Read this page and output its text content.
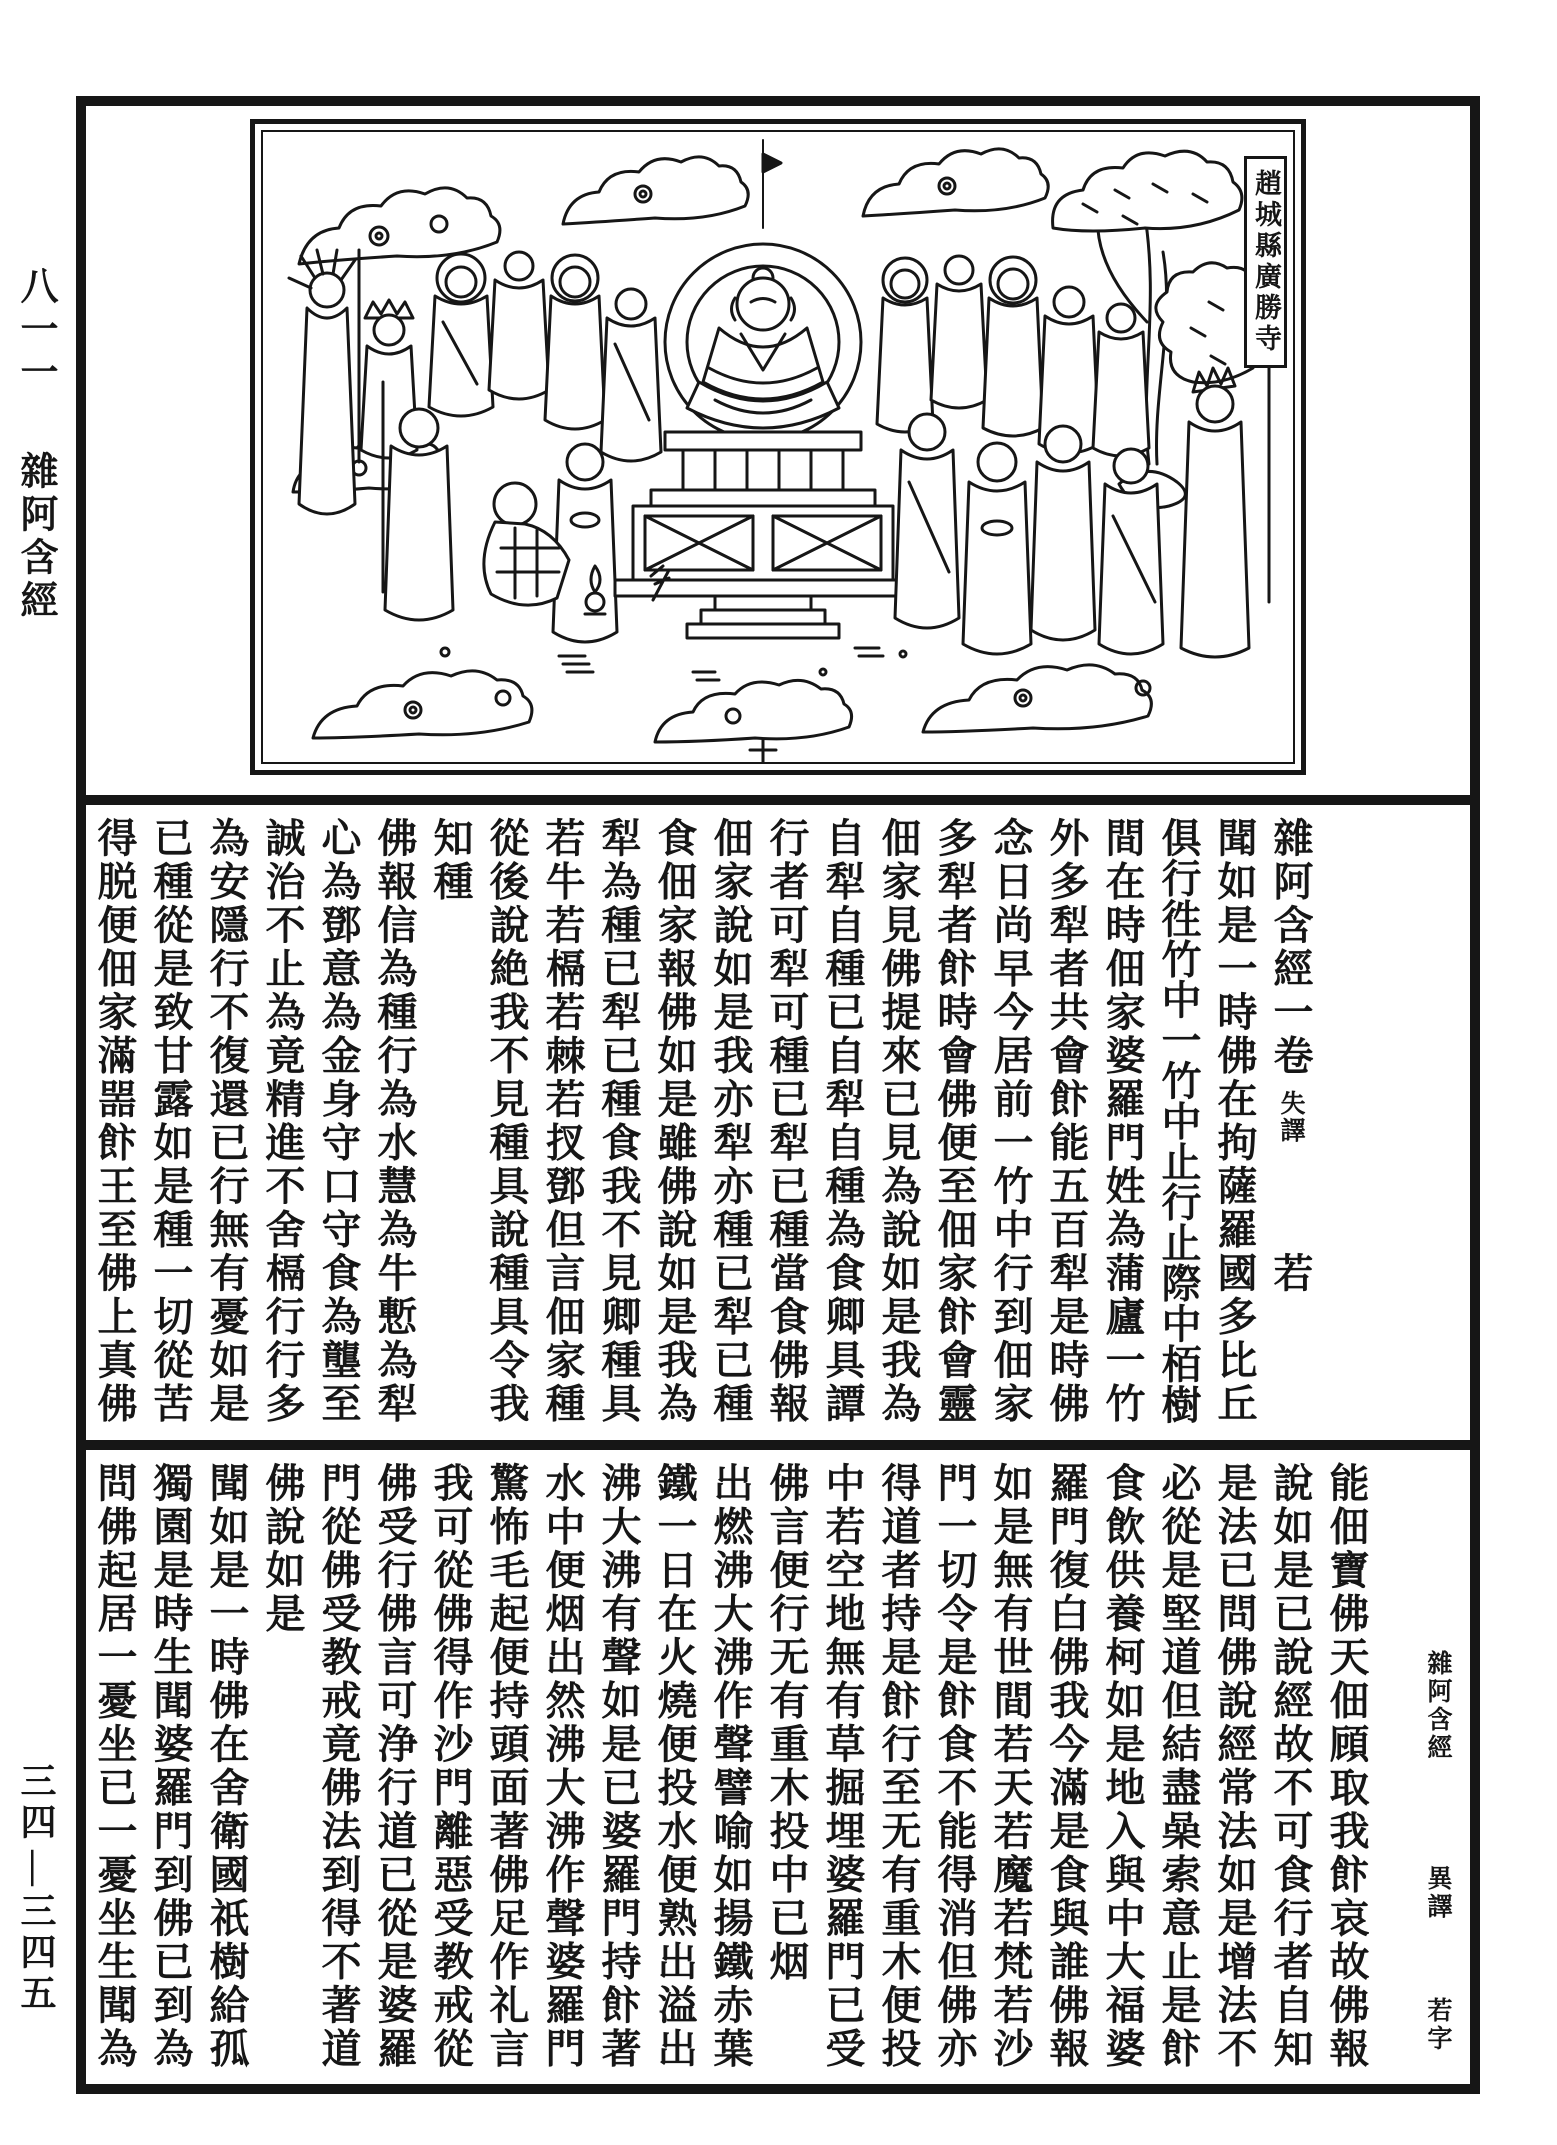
八一一雜阿含經
三四—三四五
趙城縣廣勝寺
雜阿含經一卷失譯若
聞如是一時佛在拘薩羅國多比丘
俱行徃竹中一竹中止行止際中栢樹
間在時佃家婆羅門姓為蒲廬一竹
外多犁者共會飰能五百犁是時佛
念日尚早今居前一竹中行到佃家
多犁者飰時會佛便至佃家飰會靈
佃家見佛提來已見為說如是我為
自犁自種已自犁自種為食卿具譚
行者可犁可種已犁已種當食佛報
佃家說如是我亦犁亦種已犁已種
食佃家報佛如是雖佛說如是我為
犁為種已犁已種食我不見卿種具
若牛若槅若棘若扠鄧但言佃家種
從後說絶我不見種具說種具令我
知種
佛報信為種行為水慧為牛慙為犁
心為鄧意為金身守口守食為壟至
誠治不止為竟精進不舍槅行行多
為安隱行不復還已行無有憂如是
已種從是致甘露如是種一切從苦
得脱便佃家滿噐飰王至佛上真佛
雜阿含經異譯若字
能佃寶佛天佃頋取我飰哀故佛報
說如是已說經故不可食行者自知
是法已問佛說經常法如是增法不
必從是堅道但結盡喿索意止是飰
食飲供養柯如是地入與中大福婆
羅門復白佛我今滿是食與誰佛報
如是無有世間若天若魔若梵若沙
門一切令是飰食不能得消但佛亦
得道者持是飰行至无有重木便投
中若空地無有草掘埋婆羅門已受
佛言便行无有重木投中已烟
出燃沸大沸作聲譬喻如揚鐵赤葉
鐵一日在火燒便投水便熟出溢出
沸大沸有聲如是已婆羅門持飰著
水中便烟出然沸大沸作聲婆羅門
驚怖毛起便持頭面著佛足作礼言
我可從佛得作沙門離惡受教戒從
佛受行佛言可浄行道已從是婆羅
門從佛受教戒竟佛法到得不著道
佛說如是
聞如是一時佛在舍衛國祇樹給孤
獨園是時生聞婆羅門到佛已到為
問佛起居一憂坐已一憂坐生聞為
